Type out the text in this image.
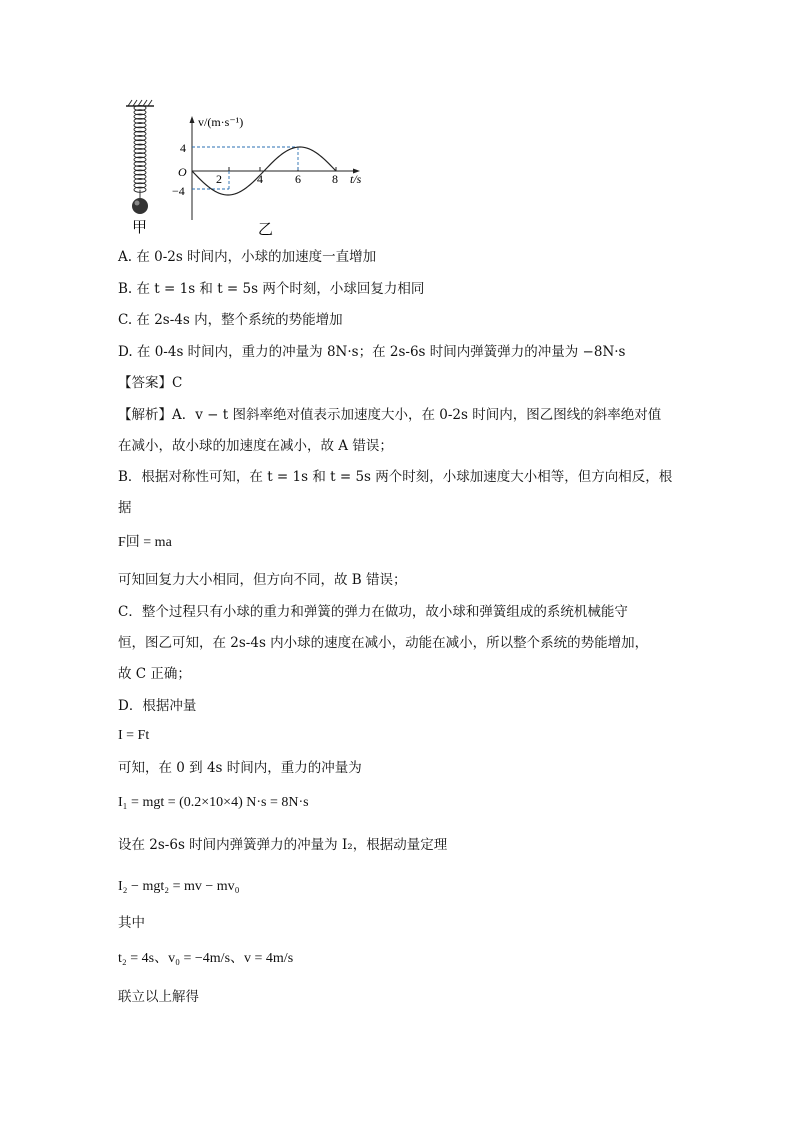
甲
v/(m·s⁻¹)
t/s
O
4
−4
2	4	6	8
乙
A. 在 0-2s 时间内，小球的加速度一直增加
B. 在 t = 1s 和 t = 5s 两个时刻，小球回复力相同
C. 在 2s-4s 内，整个系统的势能增加
D. 在 0-4s 时间内，重力的冲量为 8N·s；在 2s-6s 时间内弹簧弹力的冲量为 −8N·s
【答案】C
【解析】A．v − t 图斜率绝对值表示加速度大小，在 0-2s 时间内，图乙图线的斜率绝对值
在减小，故小球的加速度在减小，故 A 错误；
B．根据对称性可知，在 t = 1s 和 t = 5s 两个时刻，小球加速度大小相等，但方向相反，根
据
F回 = ma
可知回复力大小相同，但方向不同，故 B 错误；
C．整个过程只有小球的重力和弹簧的弹力在做功，故小球和弹簧组成的系统机械能守
恒，图乙可知，在 2s-4s 内小球的速度在减小，动能在减小，所以整个系统的势能增加，
故 C 正确；
D．根据冲量
I = Ft
可知，在 0 到 4s 时间内，重力的冲量为
I₁ = mgt = (0.2×10×4) N·s = 8N·s
设在 2s-6s 时间内弹簧弹力的冲量为 I₂，根据动量定理
I₂ − mgt₂ = mv − mv₀
其中
t₂ = 4s、v₀ = −4m/s、v = 4m/s
联立以上解得
